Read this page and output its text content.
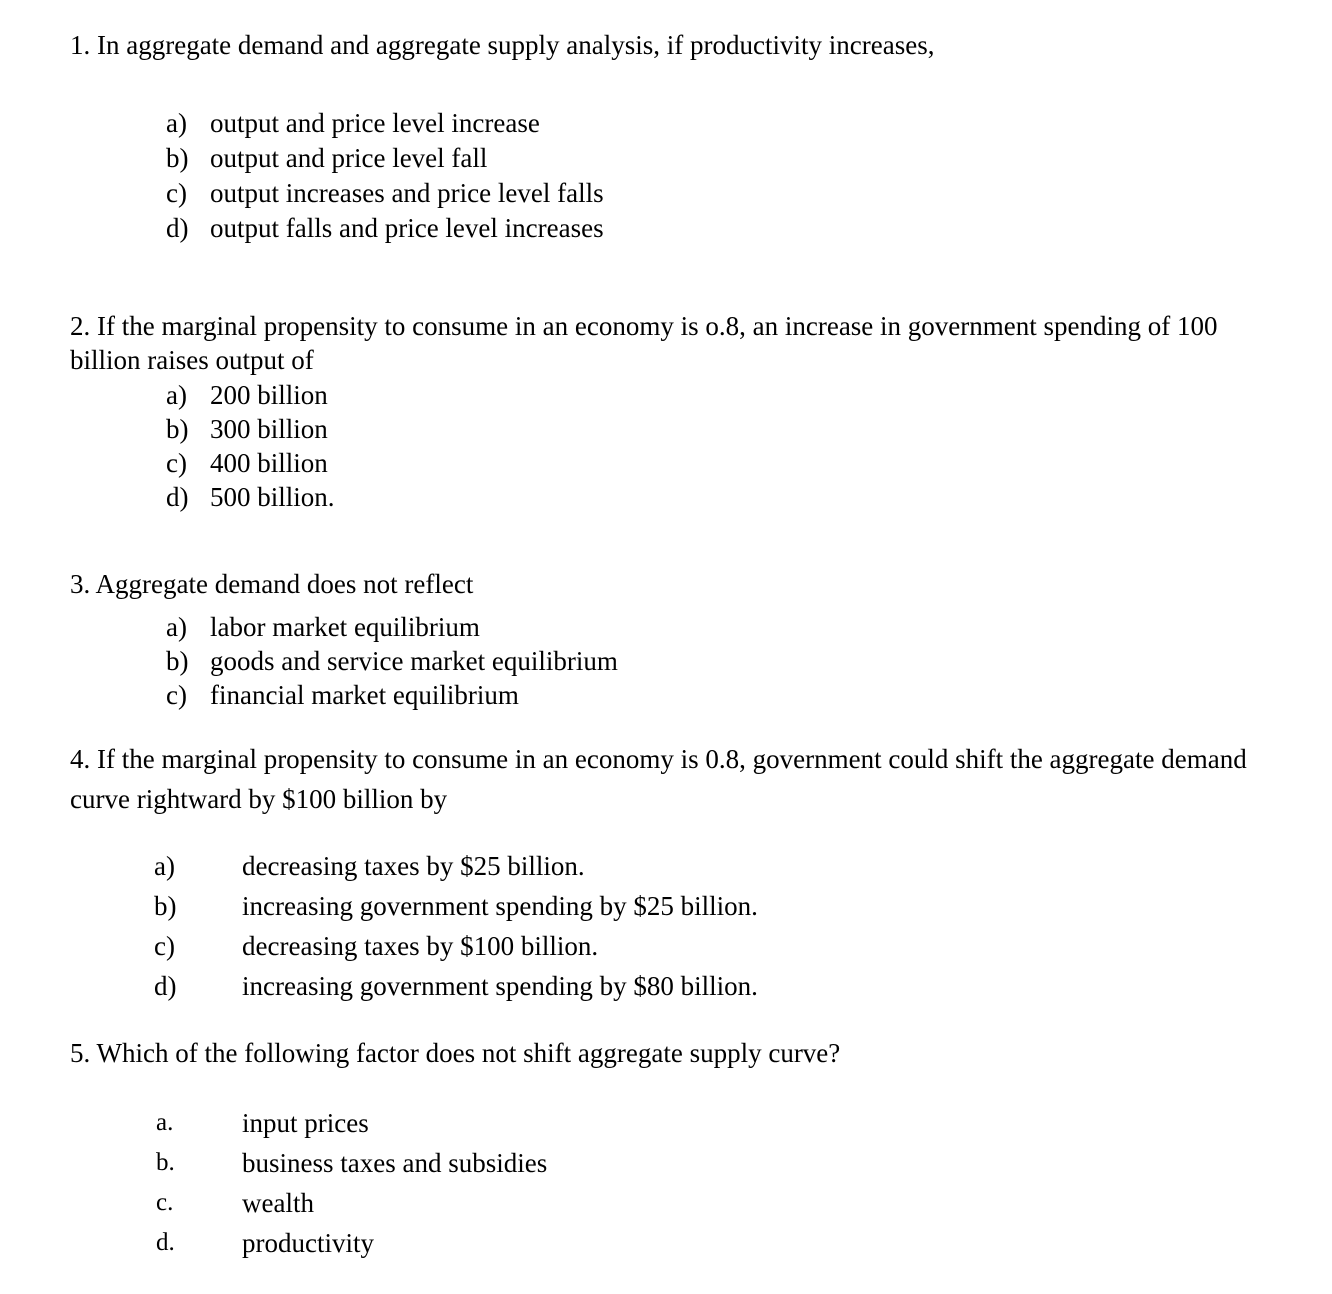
1. In aggregate demand and aggregate supply analysis, if productivity increases,

a) output and price level increase
b) output and price level fall
c) output increases and price level falls
d) output falls and price level increases

2. If the marginal propensity to consume in an economy is o.8, an increase in government spending of 100 billion raises output of

a) 200 billion
b) 300 billion
c) 400 billion
d) 500 billion.

3. Aggregate demand does not reflect

a) labor market equilibrium
b) goods and service market equilibrium
c) financial market equilibrium

4. If the marginal propensity to consume in an economy is 0.8, government could shift the aggregate demand curve rightward by $100 billion by

a) decreasing taxes by $25 billion.
b) increasing government spending by $25 billion.
c) decreasing taxes by $100 billion.
d) increasing government spending by $80 billion.

5. Which of the following factor does not shift aggregate supply curve?

a.	input prices
b. business taxes and subsidies
c.	wealth
d. productivity
